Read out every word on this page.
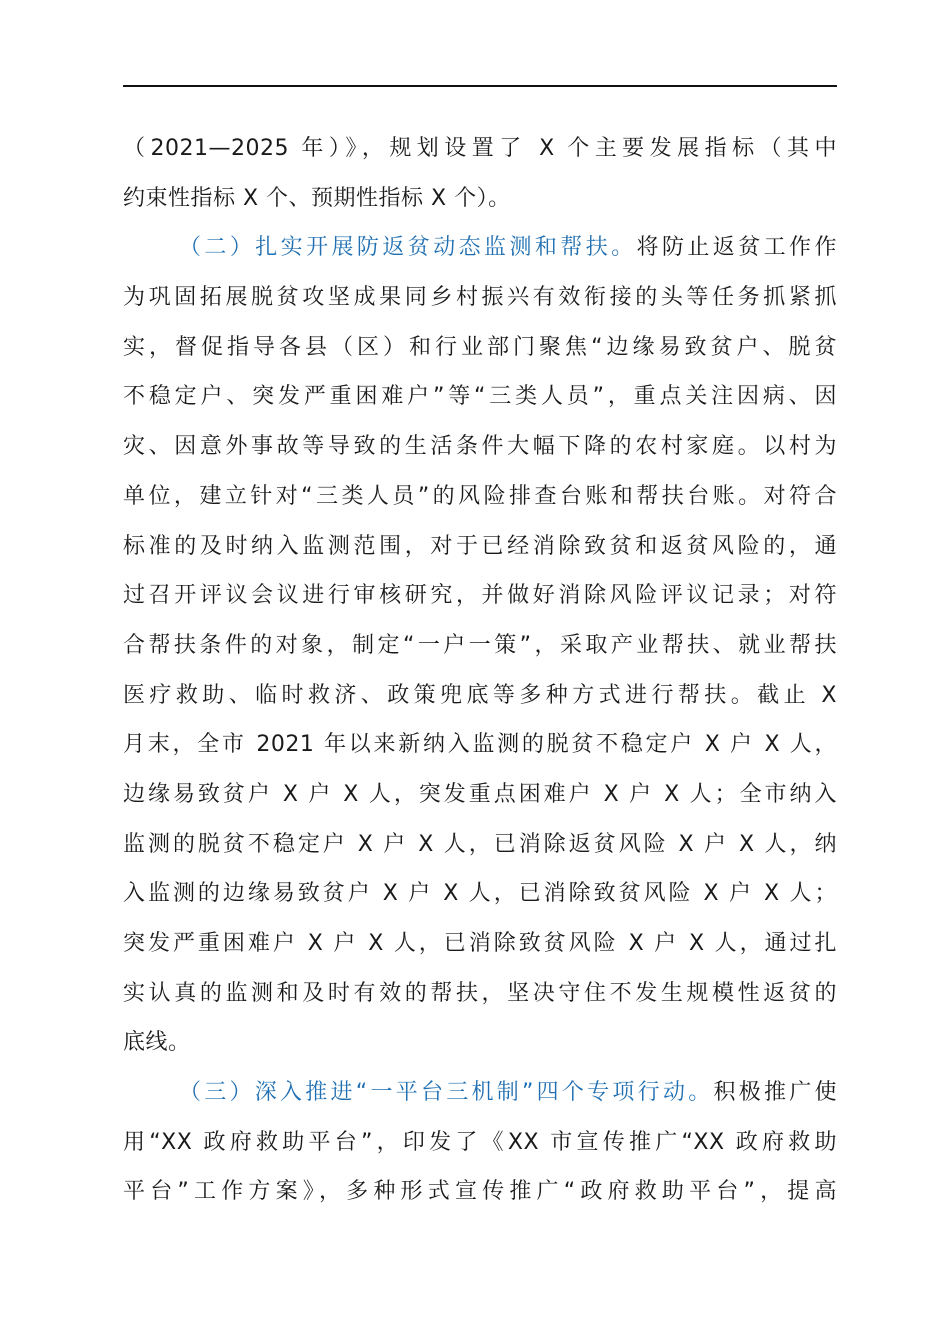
（2021—2025 年）》，规划设置了 X 个主要发展指标（其中
约束性指标 X 个、预期性指标 X 个）。
（二）扎实开展防返贫动态监测和帮扶。将防止返贫工作作
为巩固拓展脱贫攻坚成果同乡村振兴有效衔接的头等任务抓紧抓
实，督促指导各县（区）和行业部门聚焦“边缘易致贫户、脱贫
不稳定户、突发严重困难户”等“三类人员”，重点关注因病、因
灾、因意外事故等导致的生活条件大幅下降的农村家庭。以村为
单位，建立针对“三类人员”的风险排查台账和帮扶台账。对符合
标准的及时纳入监测范围，对于已经消除致贫和返贫风险的，通
过召开评议会议进行审核研究，并做好消除风险评议记录；对符
合帮扶条件的对象，制定“一户一策”，采取产业帮扶、就业帮扶
医疗救助、临时救济、政策兜底等多种方式进行帮扶。截止 X
月末，全市 2021 年以来新纳入监测的脱贫不稳定户 X 户 X 人，
边缘易致贫户 X 户 X 人，突发重点困难户 X 户 X 人；全市纳入
监测的脱贫不稳定户 X 户 X 人，已消除返贫风险 X 户 X 人，纳
入监测的边缘易致贫户 X 户 X 人，已消除致贫风险 X 户 X 人；
突发严重困难户 X 户 X 人，已消除致贫风险 X 户 X 人，通过扎
实认真的监测和及时有效的帮扶，坚决守住不发生规模性返贫的
底线。
（三）深入推进“一平台三机制”四个专项行动。积极推广使
用“XX 政府救助平台”，印发了《XX 市宣传推广“XX 政府救助
平台”工作方案》，多种形式宣传推广“政府救助平台”，提高
